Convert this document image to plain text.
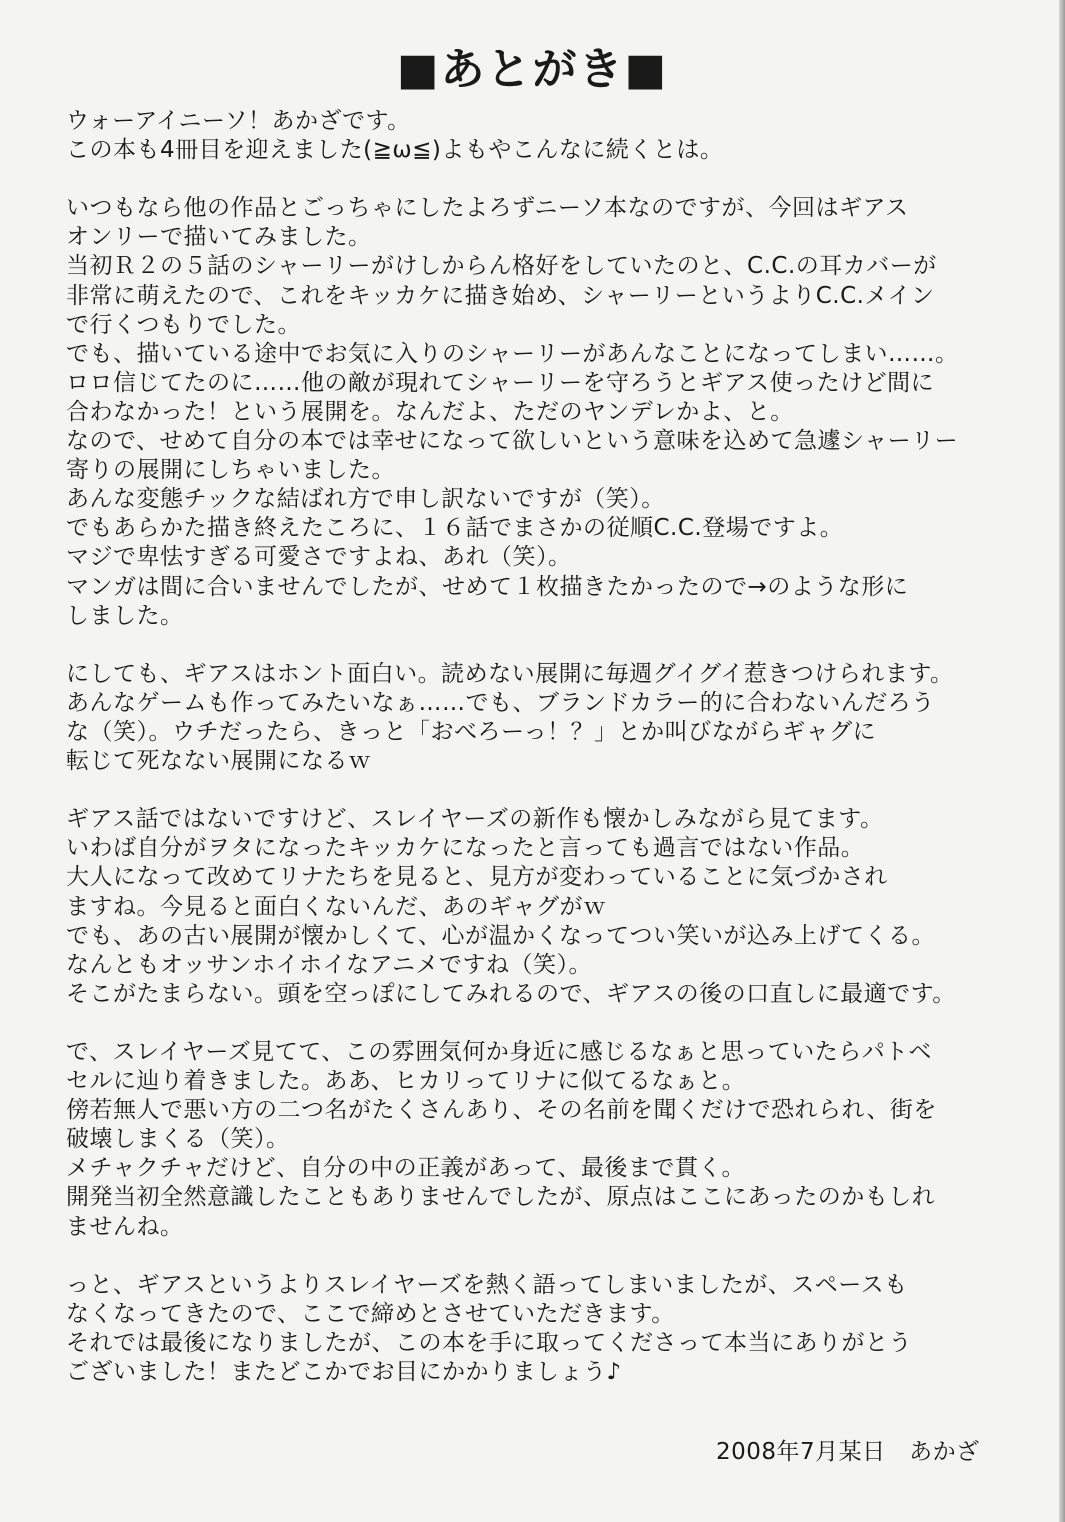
■あとがき■
ウォーアイニーソ！あかざです。
この本も4冊目を迎えました(≧ω≦)よもやこんなに続くとは。
いつもなら他の作品とごっちゃにしたよろずニーソ本なのですが、今回はギアス
オンリーで描いてみました。
当初Ｒ２の５話のシャーリーがけしからん格好をしていたのと、C.C.の耳カバーが
非常に萌えたので、これをキッカケに描き始め、シャーリーというよりC.C.メイン
で行くつもりでした。
でも、描いている途中でお気に入りのシャーリーがあんなことになってしまい……。
ロロ信じてたのに……他の敵が現れてシャーリーを守ろうとギアス使ったけど間に
合わなかった！という展開を。なんだよ、ただのヤンデレかよ、と。
なので、せめて自分の本では幸せになって欲しいという意味を込めて急遽シャーリー
寄りの展開にしちゃいました。
あんな変態チックな結ばれ方で申し訳ないですが（笑）。
でもあらかた描き終えたころに、１６話でまさかの従順C.C.登場ですよ。
マジで卑怯すぎる可愛さですよね、あれ（笑）。
マンガは間に合いませんでしたが、せめて１枚描きたかったので→のような形に
しました。
にしても、ギアスはホント面白い。読めない展開に毎週グイグイ惹きつけられます。
あんなゲームも作ってみたいなぁ……でも、ブランドカラー的に合わないんだろう
な（笑）。ウチだったら、きっと「おべろーっ！？」とか叫びながらギャグに
転じて死なない展開になるｗ
ギアス話ではないですけど、スレイヤーズの新作も懐かしみながら見てます。
いわば自分がヲタになったキッカケになったと言っても過言ではない作品。
大人になって改めてリナたちを見ると、見方が変わっていることに気づかされ
ますね。今見ると面白くないんだ、あのギャグがｗ
でも、あの古い展開が懐かしくて、心が温かくなってつい笑いが込み上げてくる。
なんともオッサンホイホイなアニメですね（笑）。
そこがたまらない。頭を空っぽにしてみれるので、ギアスの後の口直しに最適です。
で、スレイヤーズ見てて、この雰囲気何か身近に感じるなぁと思っていたらパトベ
セルに辿り着きました。ああ、ヒカリってリナに似てるなぁと。
傍若無人で悪い方の二つ名がたくさんあり、その名前を聞くだけで恐れられ、街を
破壊しまくる（笑）。
メチャクチャだけど、自分の中の正義があって、最後まで貫く。
開発当初全然意識したこともありませんでしたが、原点はここにあったのかもしれ
ませんね。
っと、ギアスというよりスレイヤーズを熱く語ってしまいましたが、スペースも
なくなってきたので、ここで締めとさせていただきます。
それでは最後になりましたが、この本を手に取ってくださって本当にありがとう
ございました！またどこかでお目にかかりましょう♪
2008年7月某日　あかざ
